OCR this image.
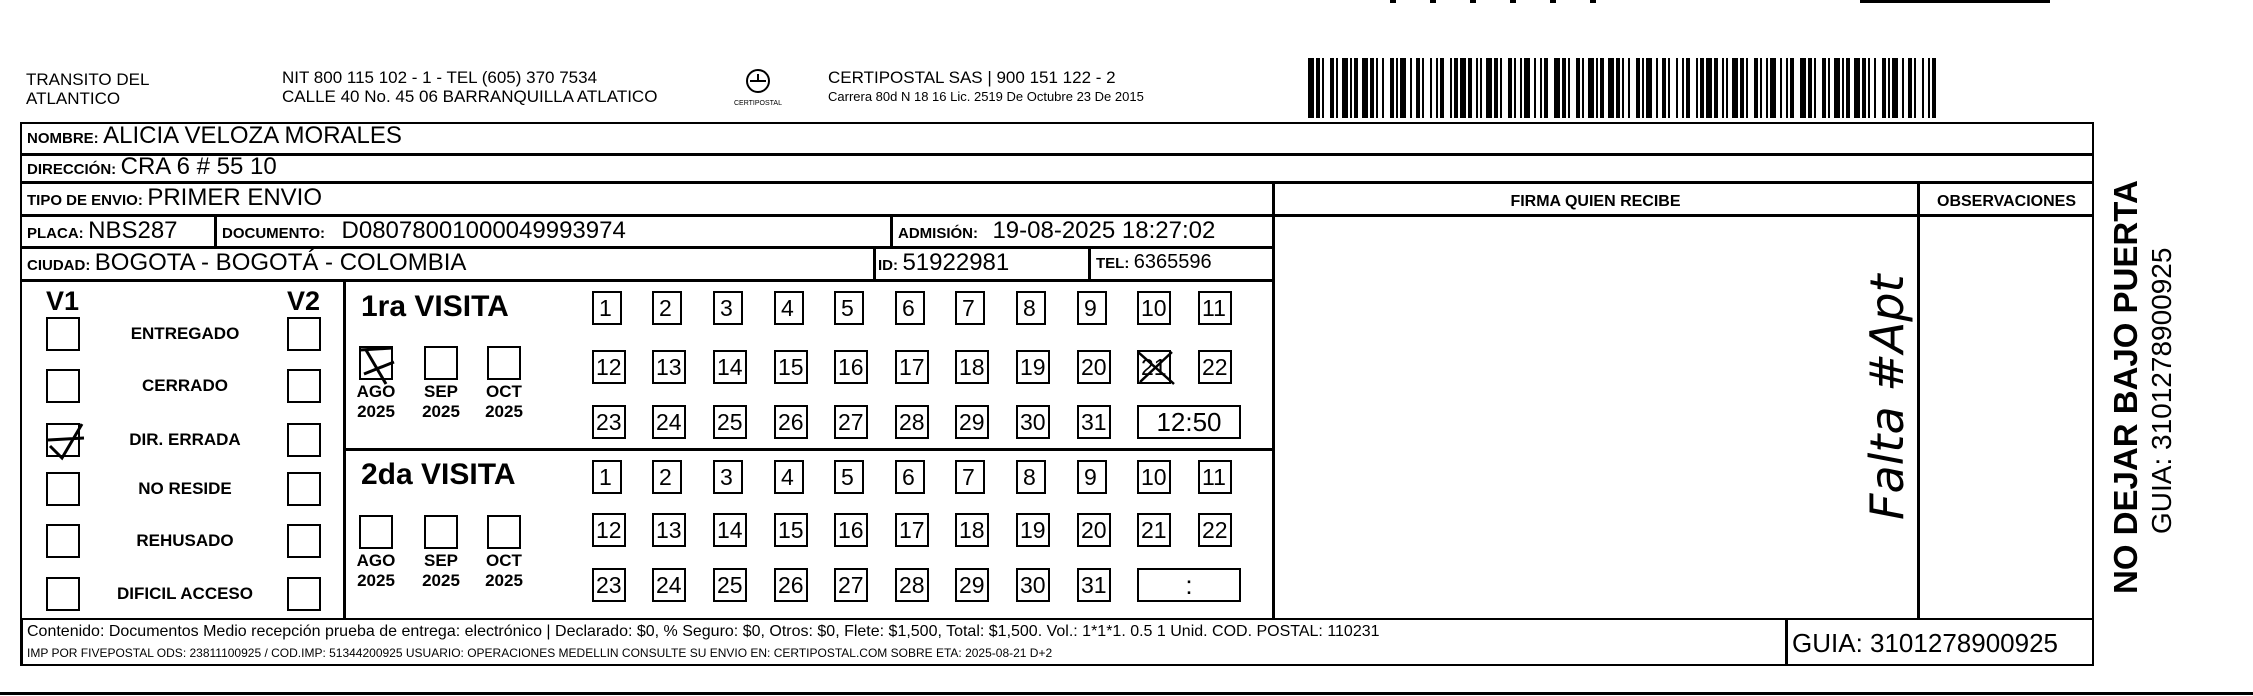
TRANSITO DEL
ATLANTICO
NIT 800 115 102 - 1 - TEL (605) 370 7534
CALLE 40 No. 45 06 BARRANQUILLA ATLATICO	CERTIPOSTAL
CERTIPOSTAL SAS | 900 151 122 - 2
Carrera 80d N 18 16 Lic. 2519 De Octubre 23 De 2015
NOMBRE: ALICIA VELOZA MORALES
DIRECCIÓN: CRA 6 # 55 10
TIPO DE ENVIO: PRIMER ENVIO
PLACA: NBS287	DOCUMENTO: D08078001000049993974	ADMISIÓN: 19-08-2025 18:27:02
CIUDAD: BOGOTA - BOGOTÁ - COLOMBIA	ID: 51922981	TEL: 6365596
FIRMA QUIEN RECIBE	OBSERVACIONES
V1	V2
ENTREGADO
CERRADO
DIR. ERRADA
NO RESIDE
REHUSADO
DIFICIL ACCESO
1ra VISITA
2da VISITA
AGO
2025
SEP
2025
OCT
2025
AGO
2025
SEP
2025
OCT
2025
1	2	3	4	5	6	7	8	9	10 11
12 13 14 15 16 17 18 19 20 21 22
23 24 25 26 27 28 29 30 31	12:50
1	2	3	4	5	6	7	8	9	10 11
12 13 14 15 16 17 18 19 20 21 22
23 24 25 26 27 28 29 30 31	:
Falta #Apt
Contenido: Documentos Medio recepción prueba de entrega: electrónico | Declarado: $0, % Seguro: $0, Otros: $0, Flete: $1,500, Total: $1,500. Vol.: 1*1*1. 0.5 1 Unid. COD. POSTAL: 110231
IMP POR FIVEPOSTAL ODS: 23811100925 / COD.IMP: 51344200925 USUARIO: OPERACIONES MEDELLIN CONSULTE SU ENVIO EN: CERTIPOSTAL.COM SOBRE ETA: 2025-08-21 D+2	GUIA: 3101278900925
NO DEJAR BAJO PUERTA GUIA: 3101278900925
